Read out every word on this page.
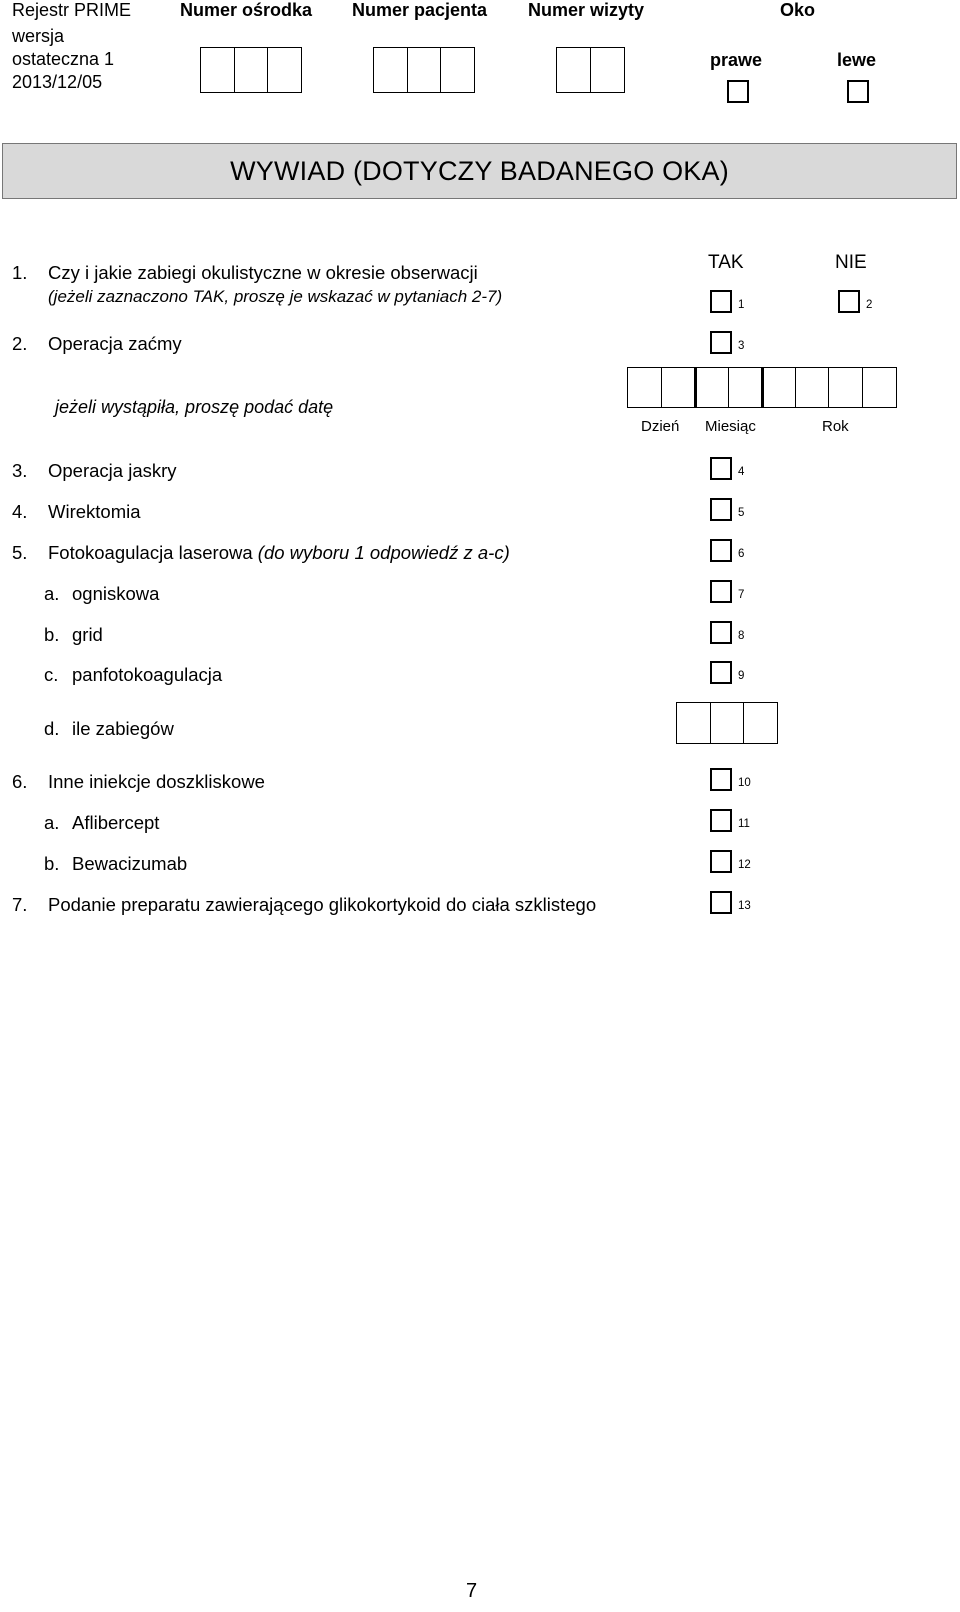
Rejestr PRIME
wersja
ostateczna 1
2013/12/05
Numer ośrodka Numer pacjenta Numer wizyty	Oko
prawe	lewe
WYWIAD (DOTYCZY BADANEGO OKA)
1. Czy i jakie zabiegi okulistyczne w okresie obserwacji
(jeżeli zaznaczono TAK, proszę je wskazać w pytaniach 2-7)
TAK	NIE
1	2
2. Operacja zaćmy	3
jeżeli wystąpiła, proszę podać datę
Dzień Miesiąc	Rok
3. Operacja jaskry	4
4. Wirektomia	5
5. Fotokoagulacja laserowa (do wyboru 1 odpowiedź z a-c)	6
a. ogniskowa	7
b. grid	8
c. panfotokoagulacja	9
d. ile zabiegów
6. Inne iniekcje doszkliskowe	10
a. Aflibercept	11
b. Bewacizumab	12
7. Podanie preparatu zawierającego glikokortykoid do ciała szklistego	13
7
